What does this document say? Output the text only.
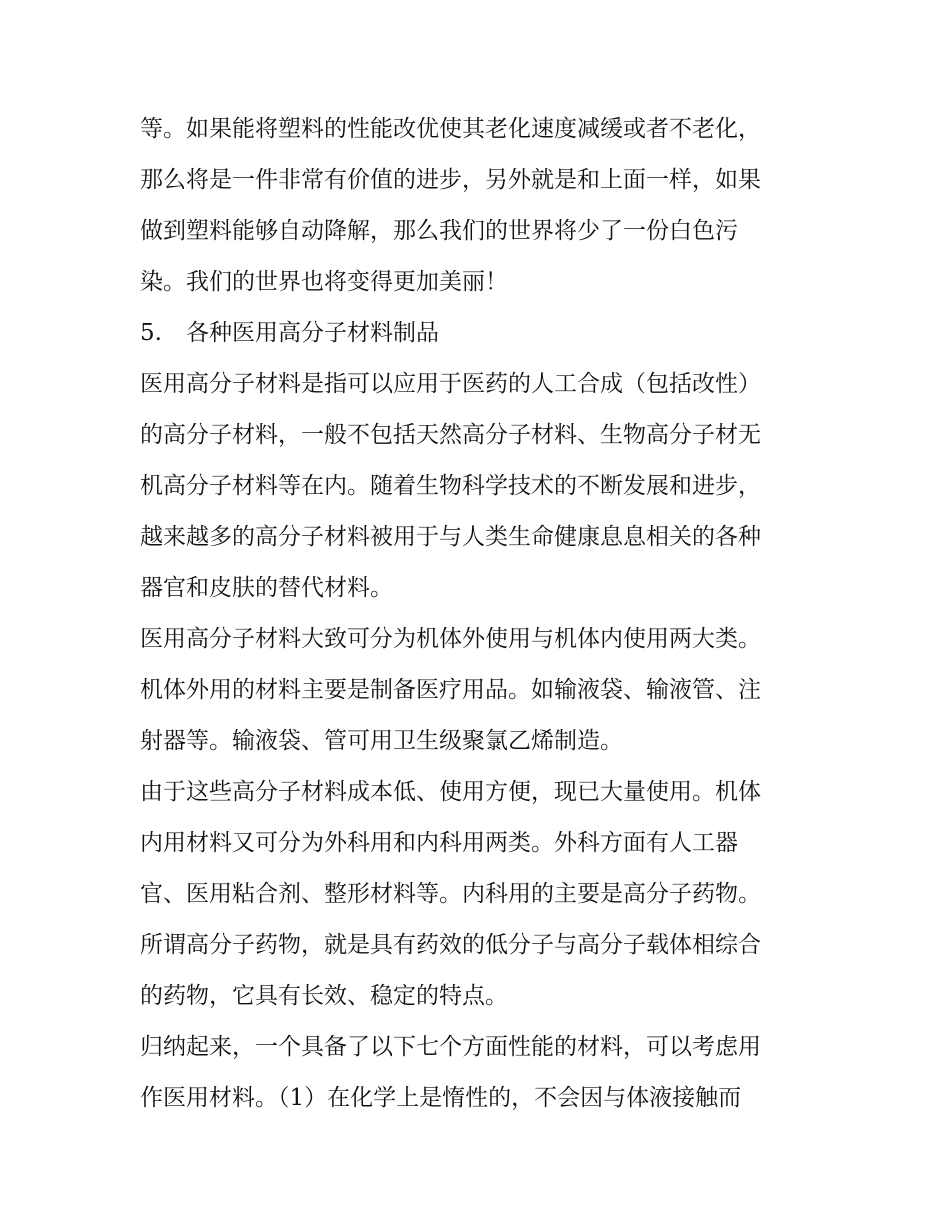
等。如果能将塑料的性能改优使其老化速度减缓或者不老化，
那么将是一件非常有价值的进步，另外就是和上面一样，如果
做到塑料能够自动降解，那么我们的世界将少了一份白色污
染。我们的世界也将变得更加美丽！
5. 各种医用高分子材料制品
医用高分子材料是指可以应用于医药的人工合成（包括改性）
的高分子材料，一般不包括天然高分子材料、生物高分子材无
机高分子材料等在内。随着生物科学技术的不断发展和进步，
越来越多的高分子材料被用于与人类生命健康息息相关的各种
器官和皮肤的替代材料。
医用高分子材料大致可分为机体外使用与机体内使用两大类。
机体外用的材料主要是制备医疗用品。如输液袋、输液管、注
射器等。输液袋、管可用卫生级聚氯乙烯制造。
由于这些高分子材料成本低、使用方便，现已大量使用。机体
内用材料又可分为外科用和内科用两类。外科方面有人工器
官、医用粘合剂、整形材料等。内科用的主要是高分子药物。
所谓高分子药物，就是具有药效的低分子与高分子载体相综合
的药物，它具有长效、稳定的特点。
归纳起来，一个具备了以下七个方面性能的材料，可以考虑用
作医用材料。（1）在化学上是惰性的，不会因与体液接触而
